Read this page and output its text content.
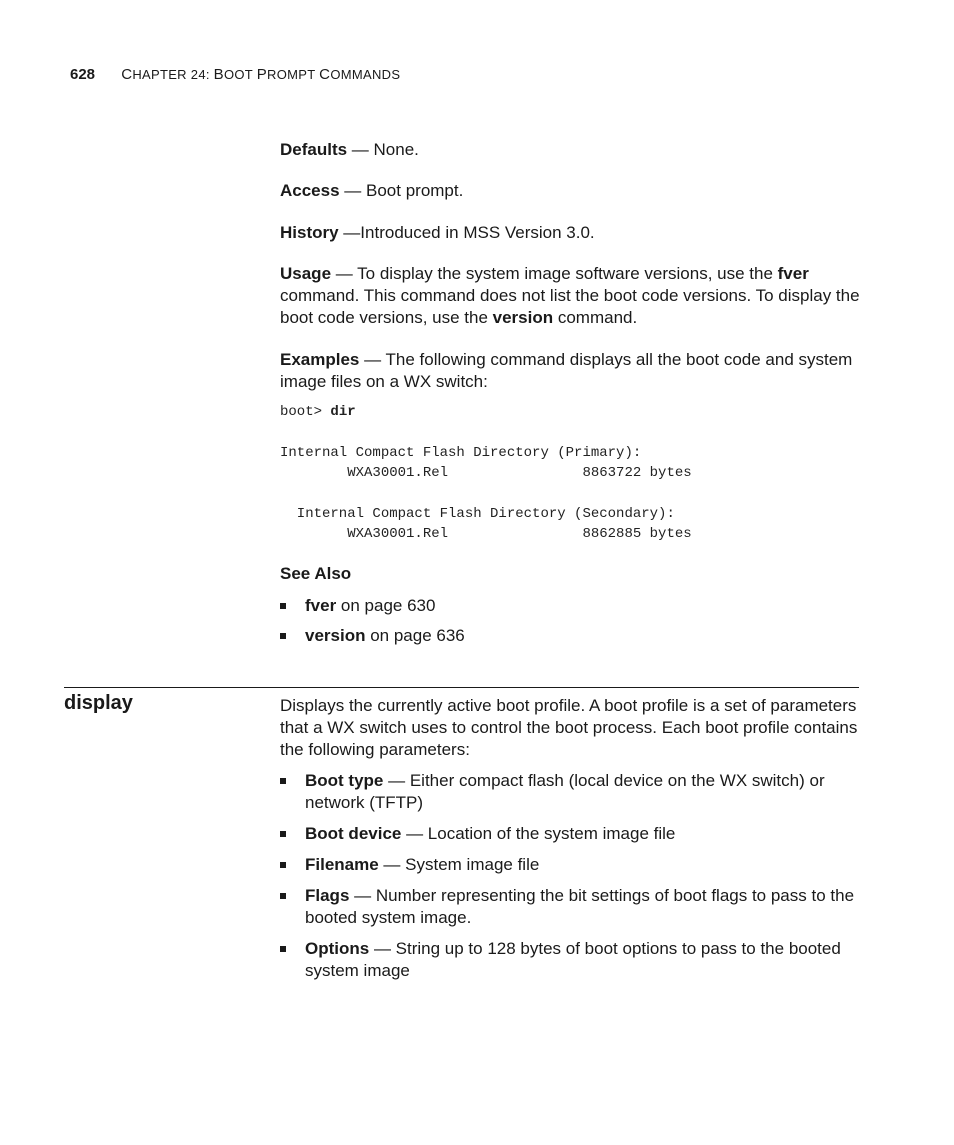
628 CHAPTER 24: BOOT PROMPT COMMANDS
Defaults — None.
Access — Boot prompt.
History —Introduced in MSS Version 3.0.
Usage — To display the system image software versions, use the fver command. This command does not list the boot code versions. To display the boot code versions, use the version command.
Examples — The following command displays all the boot code and system image files on a WX switch:
boot> dir
Internal Compact Flash Directory (Primary):
WXA30001.Rel                8863722 bytes
Internal Compact Flash Directory (Secondary):
WXA30001.Rel                8862885 bytes
See Also
fver on page 630
version on page 636
display	Displays the currently active boot profile. A boot profile is a set of parameters that a WX switch uses to control the boot process. Each boot profile contains the following parameters:
Boot type — Either compact flash (local device on the WX switch) or network (TFTP)
Boot device — Location of the system image file
Filename — System image file
Flags — Number representing the bit settings of boot flags to pass to the booted system image.
Options — String up to 128 bytes of boot options to pass to the booted system image
